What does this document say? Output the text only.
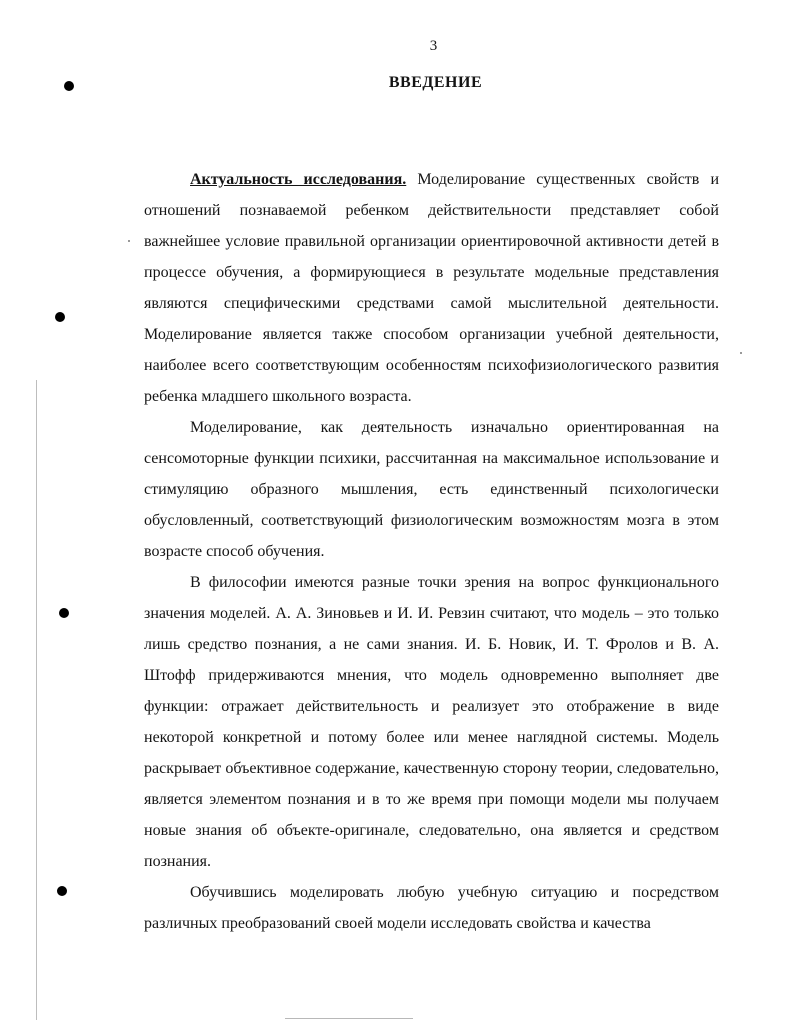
3
ВВЕДЕНИЕ

Актуальность исследования. Моделирование существенных свойств и отношений познаваемой ребенком действительности представляет собой важнейшее условие правильной организации ориентировочной активности детей в процессе обучения, а формирующиеся в результате модельные представления являются специфическими средствами самой мыслительной деятельности. Моделирование является также способом организации учебной деятельности, наиболее всего соответствующим особенностям психофизиологического развития ребенка младшего школьного возраста.

Моделирование, как деятельность изначально ориентированная на сенсомоторные функции психики, рассчитанная на максимальное использование и стимуляцию образного мышления, есть единственный психологически обусловленный, соответствующий физиологическим возможностям мозга в этом возрасте способ обучения.

В философии имеются разные точки зрения на вопрос функционального значения моделей. А. А. Зиновьев и И. И. Ревзин считают, что модель – это только лишь средство познания, а не сами знания. И. Б. Новик, И. Т. Фролов и В. А. Штофф придерживаются мнения, что модель одновременно выполняет две функции: отражает действительность и реализует это отображение в виде некоторой конкретной и потому более или менее наглядной системы. Модель раскрывает объективное содержание, качественную сторону теории, следовательно, является элементом познания и в то же время при помощи модели мы получаем новые знания об объекте-оригинале, следовательно, она является и средством познания.

Обучившись моделировать любую учебную ситуацию и посредством различных преобразований своей модели исследовать свойства и качества
